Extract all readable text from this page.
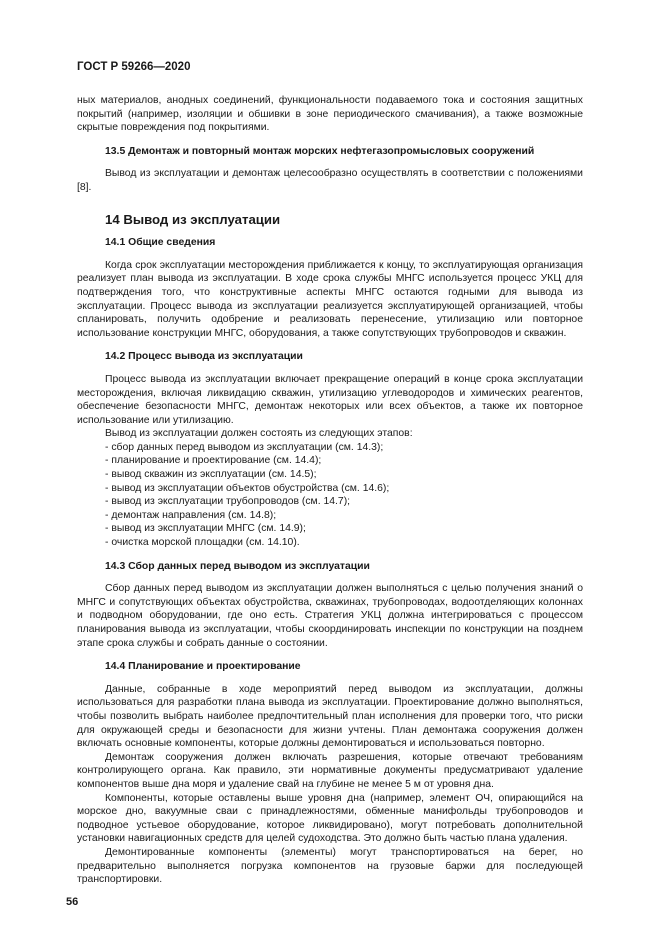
ГОСТ Р 59266—2020

ных материалов, анодных соединений, функциональности подаваемого тока и состояния защитных покрытий (например, изоляции и обшивки в зоне периодического смачивания), а также возможные скрытые повреждения под покрытиями.

13.5 Демонтаж и повторный монтаж морских нефтегазопромысловых сооружений

Вывод из эксплуатации и демонтаж целесообразно осуществлять в соответствии с положениями [8].

14 Вывод из эксплуатации

14.1 Общие сведения

Когда срок эксплуатации месторождения приближается к концу, то эксплуатирующая организация реализует план вывода из эксплуатации. В ходе срока службы МНГС используется процесс УКЦ для подтверждения того, что конструктивные аспекты МНГС остаются годными для вывода из эксплуатации. Процесс вывода из эксплуатации реализуется эксплуатирующей организацией, чтобы спланировать, получить одобрение и реализовать перенесение, утилизацию или повторное использование конструкции МНГС, оборудования, а также сопутствующих трубопроводов и скважин.

14.2 Процесс вывода из эксплуатации

Процесс вывода из эксплуатации включает прекращение операций в конце срока эксплуатации месторождения, включая ликвидацию скважин, утилизацию углеводородов и химических реагентов, обеспечение безопасности МНГС, демонтаж некоторых или всех объектов, а также их повторное использование или утилизацию.

Вывод из эксплуатации должен состоять из следующих этапов:

- сбор данных перед выводом из эксплуатации (см. 14.3);
- планирование и проектирование (см. 14.4);
- вывод скважин из эксплуатации (см. 14.5);
- вывод из эксплуатации объектов обустройства (см. 14.6);
- вывод из эксплуатации трубопроводов (см. 14.7);
- демонтаж направления (см. 14.8);
- вывод из эксплуатации МНГС (см. 14.9);
- очистка морской площадки (см. 14.10).

14.3 Сбор данных перед выводом из эксплуатации

Сбор данных перед выводом из эксплуатации должен выполняться с целью получения знаний о МНГС и сопутствующих объектах обустройства, скважинах, трубопроводах, водоотделяющих колоннах и подводном оборудовании, где оно есть. Стратегия УКЦ должна интегрироваться с процессом планирования вывода из эксплуатации, чтобы скоординировать инспекции по конструкции на позднем этапе срока службы и собрать данные о состоянии.

14.4 Планирование и проектирование

Данные, собранные в ходе мероприятий перед выводом из эксплуатации, должны использоваться для разработки плана вывода из эксплуатации. Проектирование должно выполняться, чтобы позволить выбрать наиболее предпочтительный план исполнения для проверки того, что риски для окружающей среды и безопасности для жизни учтены. План демонтажа сооружения должен включать основные компоненты, которые должны демонтироваться и использоваться повторно.

Демонтаж сооружения должен включать разрешения, которые отвечают требованиям контролирующего органа. Как правило, эти нормативные документы предусматривают удаление компонентов выше дна моря и удаление свай на глубине не менее 5 м от уровня дна.

Компоненты, которые оставлены выше уровня дна (например, элемент ОЧ, опирающийся на морское дно, вакуумные сваи с принадлежностями, обменные манифольды трубопроводов и подводное устьевое оборудование, которое ликвидировано), могут потребовать дополнительной установки навигационных средств для целей судоходства. Это должно быть частью плана удаления.

Демонтированные компоненты (элементы) могут транспортироваться на берег, но предварительно выполняется погрузка компонентов на грузовые баржи для последующей транспортировки.

56
